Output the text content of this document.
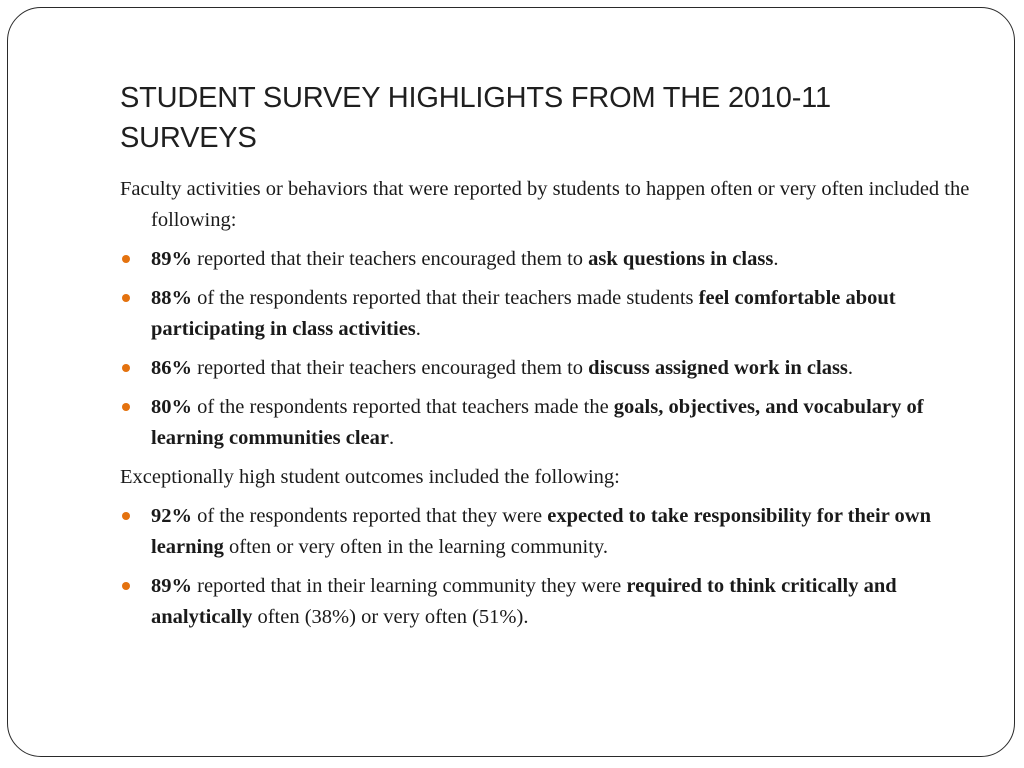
STUDENT SURVEY HIGHLIGHTS FROM THE 2010-11 SURVEYS

Faculty activities or behaviors that were reported by students to happen often or very often included the following:

89% reported that their teachers encouraged them to ask questions in class.
88% of the respondents reported that their teachers made students feel comfortable about participating in class activities.
86% reported that their teachers encouraged them to discuss assigned work in class.
80% of the respondents reported that teachers made the goals, objectives, and vocabulary of learning communities clear.

Exceptionally high student outcomes included the following:

92% of the respondents reported that they were expected to take responsibility for their own learning often or very often in the learning community.
89% reported that in their learning community they were required to think critically and analytically often (38%) or very often (51%).
